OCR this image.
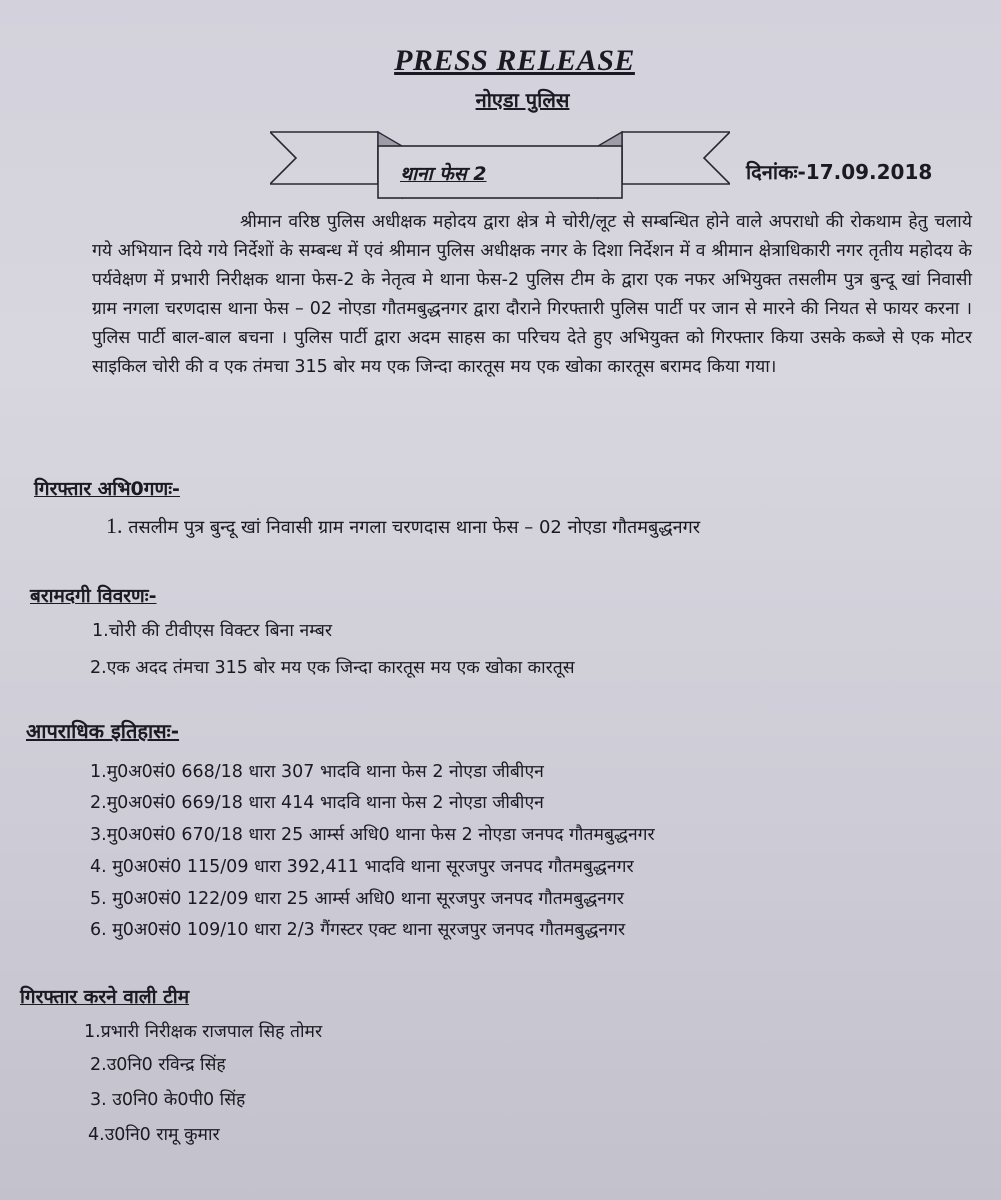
PRESS RELEASE
नोएडा पुलिस
थाना फेस 2	दिनांकः-17.09.2018
श्रीमान वरिष्ठ पुलिस अधीक्षक महोदय द्वारा क्षेत्र मे चोरी/लूट से सम्बन्धित होने वाले अपराधो की रोकथाम हेतु चलाये गये अभियान दिये गये निर्देशों के सम्बन्ध में एवं श्रीमान पुलिस अधीक्षक नगर के दिशा निर्देशन में व श्रीमान क्षेत्राधिकारी नगर तृतीय महोदय के पर्यवेक्षण में प्रभारी निरीक्षक थाना फेस-2 के नेतृत्व मे थाना फेस-2 पुलिस टीम के द्वारा एक नफर अभियुक्त तसलीम पुत्र बुन्दू खां निवासी ग्राम नगला चरणदास थाना फेस – 02 नोएडा गौतमबुद्धनगर द्वारा दौराने गिरफ्तारी पुलिस पार्टी पर जान से मारने की नियत से फायर करना । पुलिस पार्टी बाल-बाल बचना । पुलिस पार्टी द्वारा अदम साहस का परिचय देते हुए अभियुक्त को गिरफ्तार किया उसके कब्जे से एक मोटर साइकिल चोरी की व एक तंमचा 315 बोर मय एक जिन्दा कारतूस मय एक खोका कारतूस बरामद किया गया।
गिरफ्तार अभि0गणः-
1. तसलीम पुत्र बुन्दू खां निवासी ग्राम नगला चरणदास थाना फेस – 02 नोएडा गौतमबुद्धनगर
बरामदगी विवरणः-
1.चोरी की टीवीएस विक्टर बिना नम्बर
2.एक अदद तंमचा 315 बोर मय एक जिन्दा कारतूस मय एक खोका कारतूस
आपराधिक इतिहासः-
1.मु0अ0सं0 668/18 धारा 307 भादवि थाना फेस 2 नोएडा जीबीएन
2.मु0अ0सं0 669/18 धारा 414 भादवि थाना फेस 2 नोएडा जीबीएन
3.मु0अ0सं0 670/18 धारा 25 आर्म्स अधि0 थाना फेस 2 नोएडा जनपद गौतमबुद्धनगर
4. मु0अ0सं0 115/09 धारा 392,411 भादवि थाना सूरजपुर जनपद गौतमबुद्धनगर
5. मु0अ0सं0 122/09 धारा 25 आर्म्स अधि0 थाना सूरजपुर जनपद गौतमबुद्धनगर
6. मु0अ0सं0 109/10 धारा 2/3 गैंगस्टर एक्ट थाना सूरजपुर जनपद गौतमबुद्धनगर
गिरफ्तार करने वाली टीम
1.प्रभारी निरीक्षक राजपाल सिह तोमर
2.उ0नि0 रविन्द्र सिंह
3. उ0नि0 के0पी0 सिंह
4.उ0नि0 रामू कुमार
